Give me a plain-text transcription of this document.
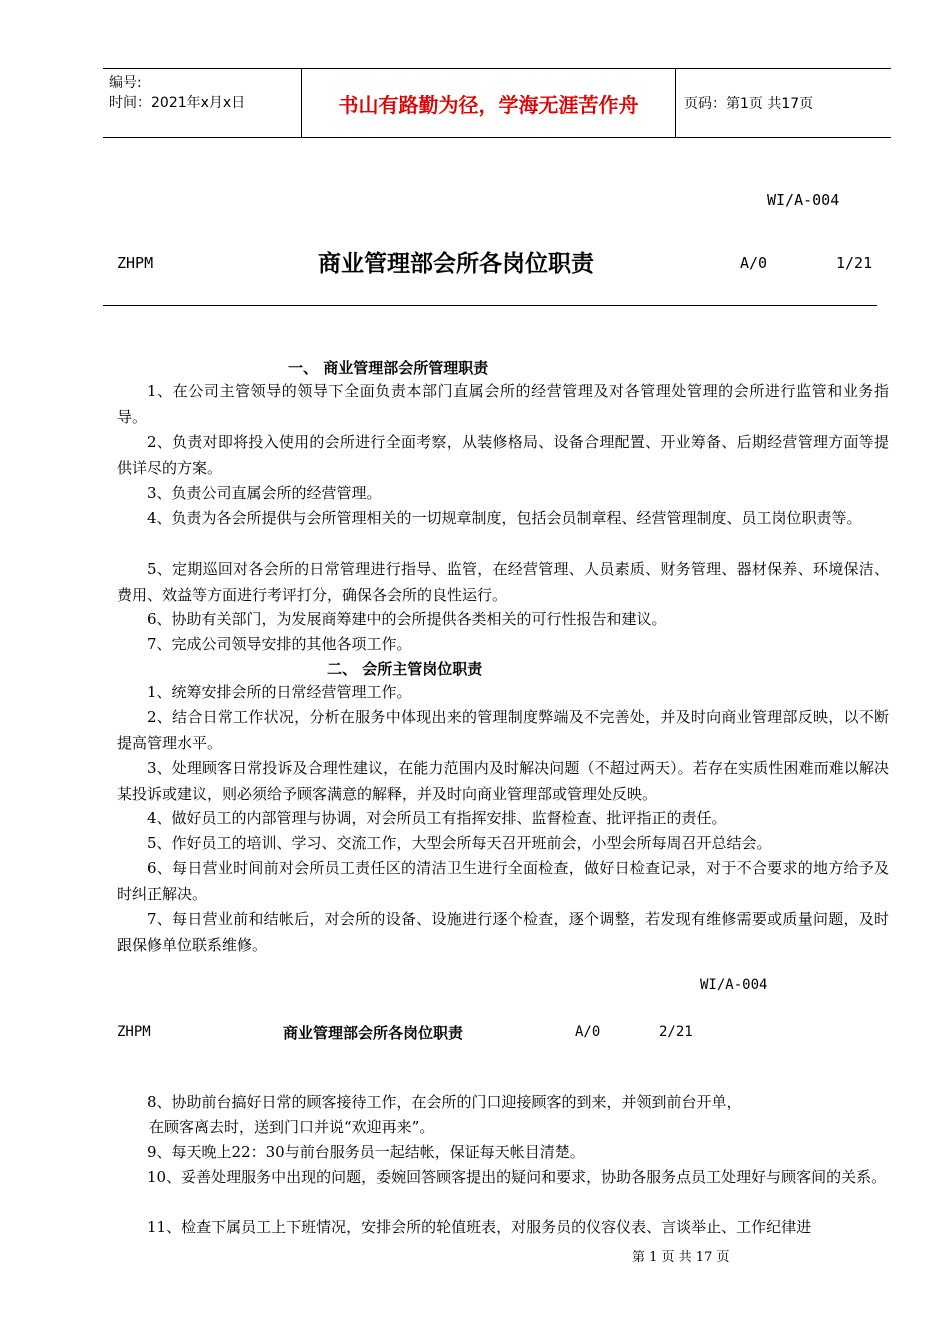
编号:
时间：2021年x月x日	书山有路勤为径，学海无涯苦作舟	页码：第1页 共17页
WI/A-004
ZHPM	商业管理部会所各岗位职责	A/0	1/21
一、 商业管理部会所管理职责
1、在公司主管领导的领导下全面负责本部门直属会所的经营管理及对各管理处管理的会所进行监管和业务指导。
2、负责对即将投入使用的会所进行全面考察，从装修格局、设备合理配置、开业筹备、后期经营管理方面等提供详尽的方案。
3、负责公司直属会所的经营管理。
4、负责为各会所提供与会所管理相关的一切规章制度，包括会员制章程、经营管理制度、员工岗位职责等。
5、定期巡回对各会所的日常管理进行指导、监管，在经营管理、人员素质、财务管理、器材保养、环境保洁、费用、效益等方面进行考评打分，确保各会所的良性运行。
6、协助有关部门，为发展商筹建中的会所提供各类相关的可行性报告和建议。
7、完成公司领导安排的其他各项工作。
二、 会所主管岗位职责
1、统筹安排会所的日常经营管理工作。
2、结合日常工作状况，分析在服务中体现出来的管理制度弊端及不完善处，并及时向商业管理部反映，以不断提高管理水平。
3、处理顾客日常投诉及合理性建议，在能力范围内及时解决问题（不超过两天）。若存在实质性困难而难以解决某投诉或建议，则必须给予顾客满意的解释，并及时向商业管理部或管理处反映。
4、做好员工的内部管理与协调，对会所员工有指挥安排、监督检查、批评指正的责任。
5、作好员工的培训、学习、交流工作，大型会所每天召开班前会，小型会所每周召开总结会。
6、每日营业时间前对会所员工责任区的清洁卫生进行全面检查，做好日检查记录，对于不合要求的地方给予及时纠正解决。
7、每日营业前和结帐后，对会所的设备、设施进行逐个检查，逐个调整，若发现有维修需要或质量问题，及时跟保修单位联系维修。
WI/A-004
ZHPM	商业管理部会所各岗位职责	A/0	2/21
8、协助前台搞好日常的顾客接待工作，在会所的门口迎接顾客的到来，并领到前台开单，
在顾客离去时，送到门口并说“欢迎再来”。
9、每天晚上22：30与前台服务员一起结帐，保证每天帐目清楚。
10、妥善处理服务中出现的问题，委婉回答顾客提出的疑问和要求，协助各服务点员工处理好与顾客间的关系。
11、检查下属员工上下班情况，安排会所的轮值班表，对服务员的仪容仪表、言谈举止、工作纪律进
第 1 页 共 17 页
